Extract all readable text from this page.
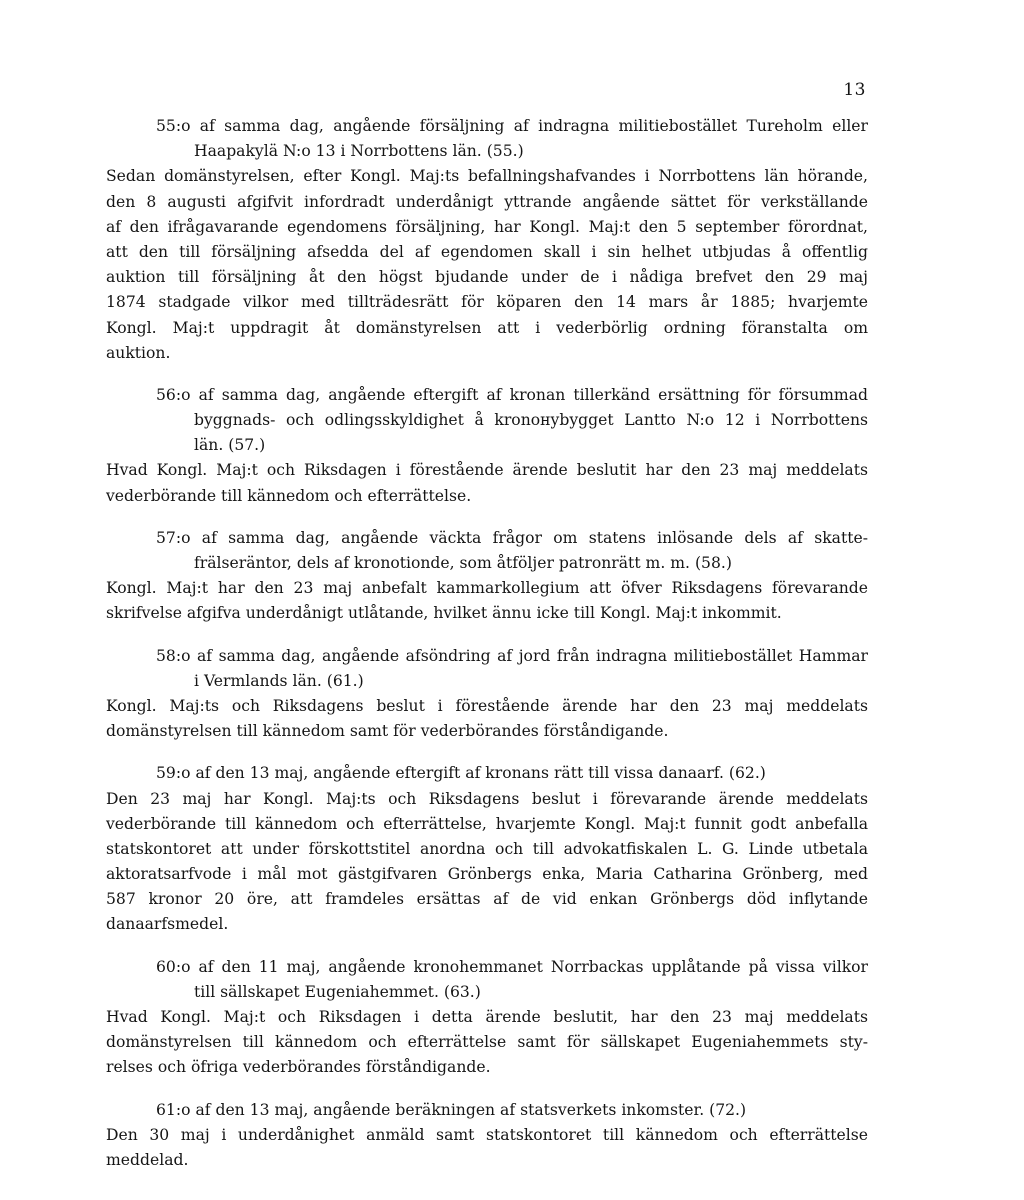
13
55:o af samma dag, angående försäljning af indragna militiebostället Tureholm eller
Haapakylä N:o 13 i Norrbottens län. (55.)
Sedan domänstyrelsen, efter Kongl. Maj:ts befallningshafvandes i Norrbottens län hörande,
den 8 augusti afgifvit infordradt underdånigt yttrande angående sättet för verkställande
af den ifrågavarande egendomens försäljning, har Kongl. Maj:t den 5 september förordnat,
att den till försäljning afsedda del af egendomen skall i sin helhet utbjudas å offentlig
auktion till försäljning åt den högst bjudande under de i nådiga brefvet den 29 maj
1874 stadgade vilkor med tillträdesrätt för köparen den 14 mars år 1885; hvarjemte
Kongl. Maj:t uppdragit åt domänstyrelsen att i vederbörlig ordning föranstalta om
auktion.
56:o af samma dag, angående eftergift af kronan tillerkänd ersättning för försummad
byggnads- och odlingsskyldighet å kronoнybygget Lantto N:o 12 i Norrbottens
län. (57.)
Hvad Kongl. Maj:t och Riksdagen i förestående ärende beslutit har den 23 maj meddelats
vederbörande till kännedom och efterrättelse.
57:o af samma dag, angående väckta frågor om statens inlösande dels af skatte-
frälseräntor, dels af kronotionde, som åtföljer patronrätt m. m. (58.)
Kongl. Maj:t har den 23 maj anbefalt kammarkollegium att öfver Riksdagens förevarande
skrifvelse afgifva underdånigt utlåtande, hvilket ännu icke till Kongl. Maj:t inkommit.
58:o af samma dag, angående afsöndring af jord från indragna militiebostället Hammar
i Vermlands län. (61.)
Kongl. Maj:ts och Riksdagens beslut i förestående ärende har den 23 maj meddelats
domänstyrelsen till kännedom samt för vederbörandes förståndigande.
59:o af den 13 maj, angående eftergift af kronans rätt till vissa danaarf. (62.)
Den 23 maj har Kongl. Maj:ts och Riksdagens beslut i förevarande ärende meddelats
vederbörande till kännedom och efterrättelse, hvarjemte Kongl. Maj:t funnit godt anbefalla
statskontoret att under förskottstitel anordna och till advokatfiskalen L. G. Linde utbetala
aktoratsarfvode i mål mot gästgifvaren Grönbergs enka, Maria Catharina Grönberg, med
587 kronor 20 öre, att framdeles ersättas af de vid enkan Grönbergs död inflytande
danaarfsmedel.
60:o af den 11 maj, angående kronohemmanet Norrbackas upplåtande på vissa vilkor
till sällskapet Eugeniahemmet. (63.)
Hvad Kongl. Maj:t och Riksdagen i detta ärende beslutit, har den 23 maj meddelats
domänstyrelsen till kännedom och efterrättelse samt för sällskapet Eugeniahemmets sty-
relses och öfriga vederbörandes förståndigande.
61:o af den 13 maj, angående beräkningen af statsverkets inkomster. (72.)
Den 30 maj i underdånighet anmäld samt statskontoret till kännedom och efterrättelse
meddelad.
